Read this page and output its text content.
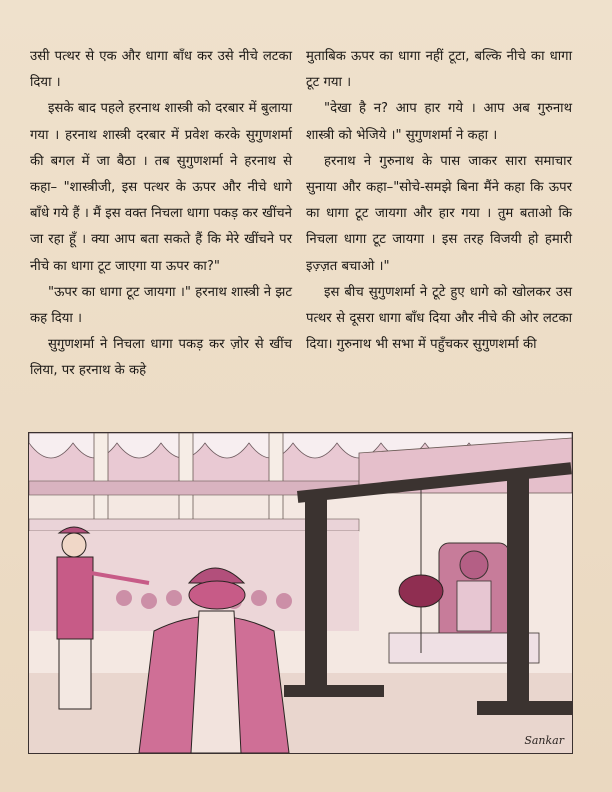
उसी पत्थर से एक और धागा बाँध कर उसे नीचे लटका दिया ।

इसके बाद पहले हरनाथ शास्त्री को दरबार में बुलाया गया । हरनाथ शास्त्री दरबार में प्रवेश करके सुगुणशर्मा की बगल में जा बैठा । तब सुगुणशर्मा ने हरनाथ से कहा– "शास्त्रीजी, इस पत्थर के ऊपर और नीचे धागे बाँधे गये हैं । मैं इस वक्त निचला धागा पकड़ कर खींचने जा रहा हूँ । क्या आप बता सकते हैं कि मेरे खींचने पर नीचे का धागा टूट जाएगा या ऊपर का?"

"ऊपर का धागा टूट जायगा ।" हरनाथ शास्त्री ने झट कह दिया ।

सुगुणशर्मा ने निचला धागा पकड़ कर ज़ोर से खींच लिया, पर हरनाथ के कहे

मुताबिक ऊपर का धागा नहीं टूटा, बल्कि नीचे का धागा टूट गया ।

"देखा है न? आप हार गये । आप अब गुरुनाथ शास्त्री को भेजिये ।" सुगुणशर्मा ने कहा ।

हरनाथ ने गुरुनाथ के पास जाकर सारा समाचार सुनाया और कहा–"सोचे-समझे बिना मैंने कहा कि ऊपर का धागा टूट जायगा और हार गया । तुम बताओ कि निचला धागा टूट जायगा । इस तरह विजयी हो हमारी इज़्ज़त बचाओ ।"

इस बीच सुगुणशर्मा ने टूटे हुए धागे को खोलकर उस पत्थर से दूसरा धागा बाँध दिया और नीचे की ओर लटका दिया। गुरुनाथ भी सभा में पहुँचकर सुगुणशर्मा की

Sankar
